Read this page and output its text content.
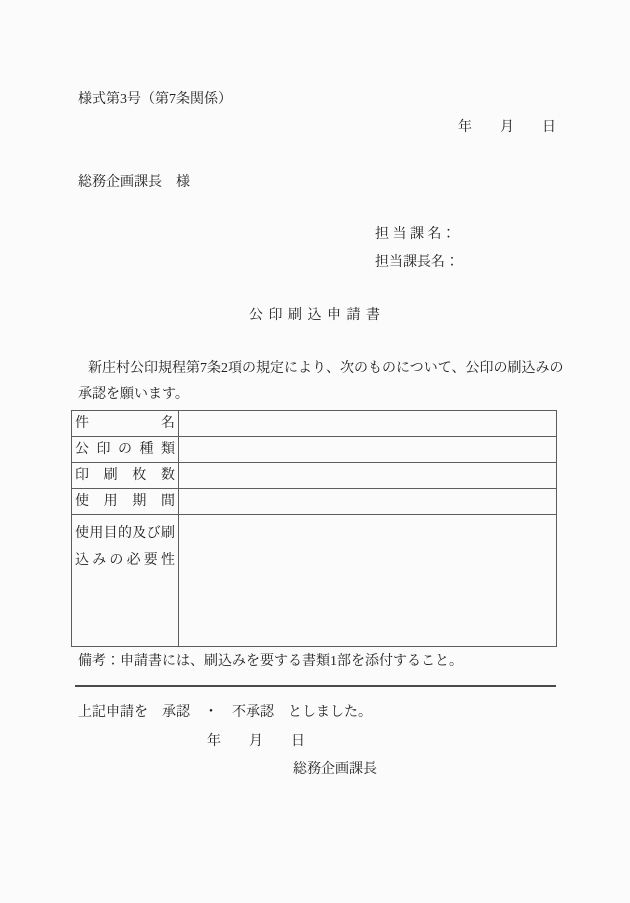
様式第3号（第7条関係）
年　　月　　日
総務企画課長　様
担 当 課 名：
担当課長名：
公 印 刷 込 申 請 書
新庄村公印規程第7条2項の規定により、次のものについて、公印の刷込みの
承認を願います。
件名
公印の種類
印刷枚数
使用期間
使用目的及び刷込みの必要性
備考：申請書には、刷込みを要する書類1部を添付すること。
上記申請を　承認　・　不承認　としました。
年　　月　　日
総務企画課長
